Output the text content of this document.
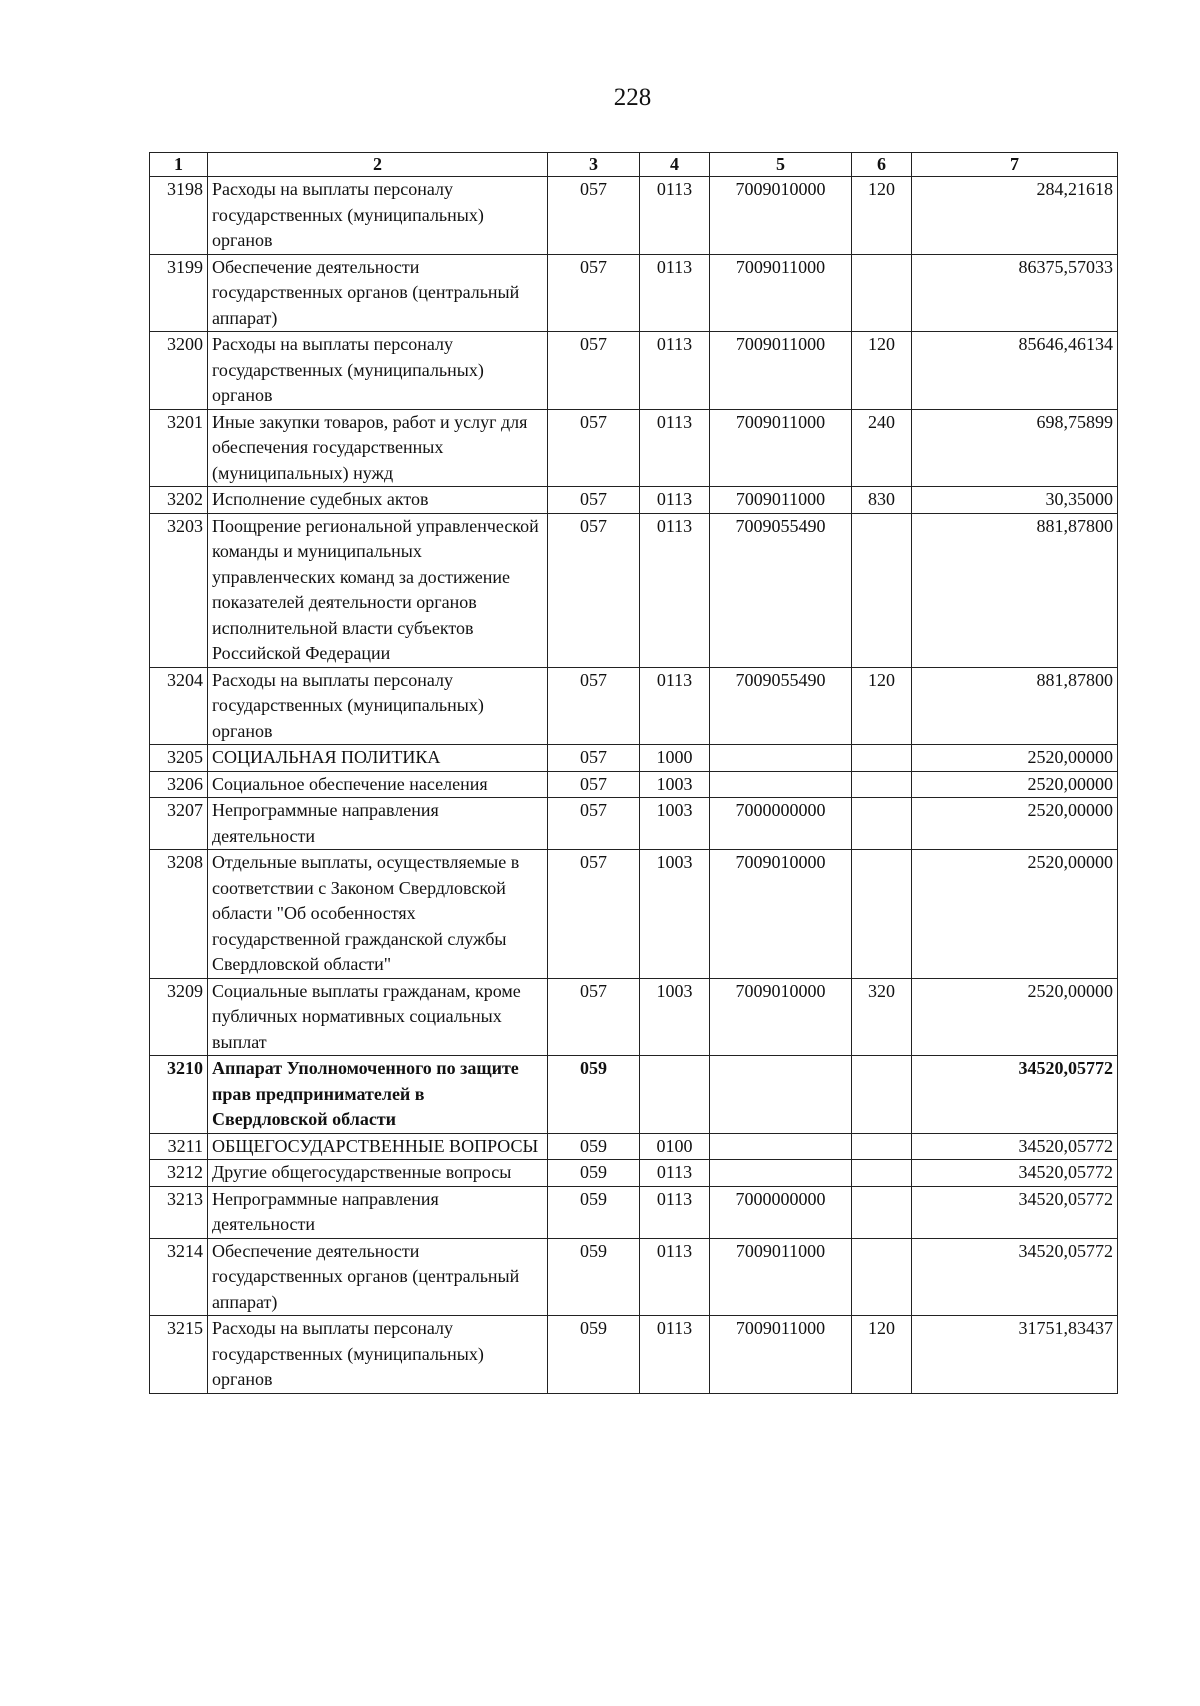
228
1	2	3	4	5	6	7
3198	Расходы на выплаты персоналу государственных (муниципальных) органов	057	0113	7009010000	120	284,21618
3199	Обеспечение деятельности государственных органов (центральный аппарат)	057	0113	7009011000		86375,57033
3200	Расходы на выплаты персоналу государственных (муниципальных) органов	057	0113	7009011000	120	85646,46134
3201	Иные закупки товаров, работ и услуг для обеспечения государственных (муниципальных) нужд	057	0113	7009011000	240	698,75899
3202	Исполнение судебных актов	057	0113	7009011000	830	30,35000
3203	Поощрение региональной управленческой команды и муниципальных управленческих команд за достижение показателей деятельности органов исполнительной власти субъектов Российской Федерации	057	0113	7009055490		881,87800
3204	Расходы на выплаты персоналу государственных (муниципальных) органов	057	0113	7009055490	120	881,87800
3205	СОЦИАЛЬНАЯ ПОЛИТИКА	057	1000			2520,00000
3206	Социальное обеспечение населения	057	1003			2520,00000
3207	Непрограммные направления деятельности	057	1003	7000000000		2520,00000
3208	Отдельные выплаты, осуществляемые в соответствии с Законом Свердловской области "Об особенностях государственной гражданской службы Свердловской области"	057	1003	7009010000		2520,00000
3209	Социальные выплаты гражданам, кроме публичных нормативных социальных выплат	057	1003	7009010000	320	2520,00000
3210	Аппарат Уполномоченного по защите прав предпринимателей в Свердловской области	059				34520,05772
3211	ОБЩЕГОСУДАРСТВЕННЫЕ ВОПРОСЫ	059	0100			34520,05772
3212	Другие общегосударственные вопросы	059	0113			34520,05772
3213	Непрограммные направления деятельности	059	0113	7000000000		34520,05772
3214	Обеспечение деятельности государственных органов (центральный аппарат)	059	0113	7009011000		34520,05772
3215	Расходы на выплаты персоналу государственных (муниципальных) органов	059	0113	7009011000	120	31751,83437
